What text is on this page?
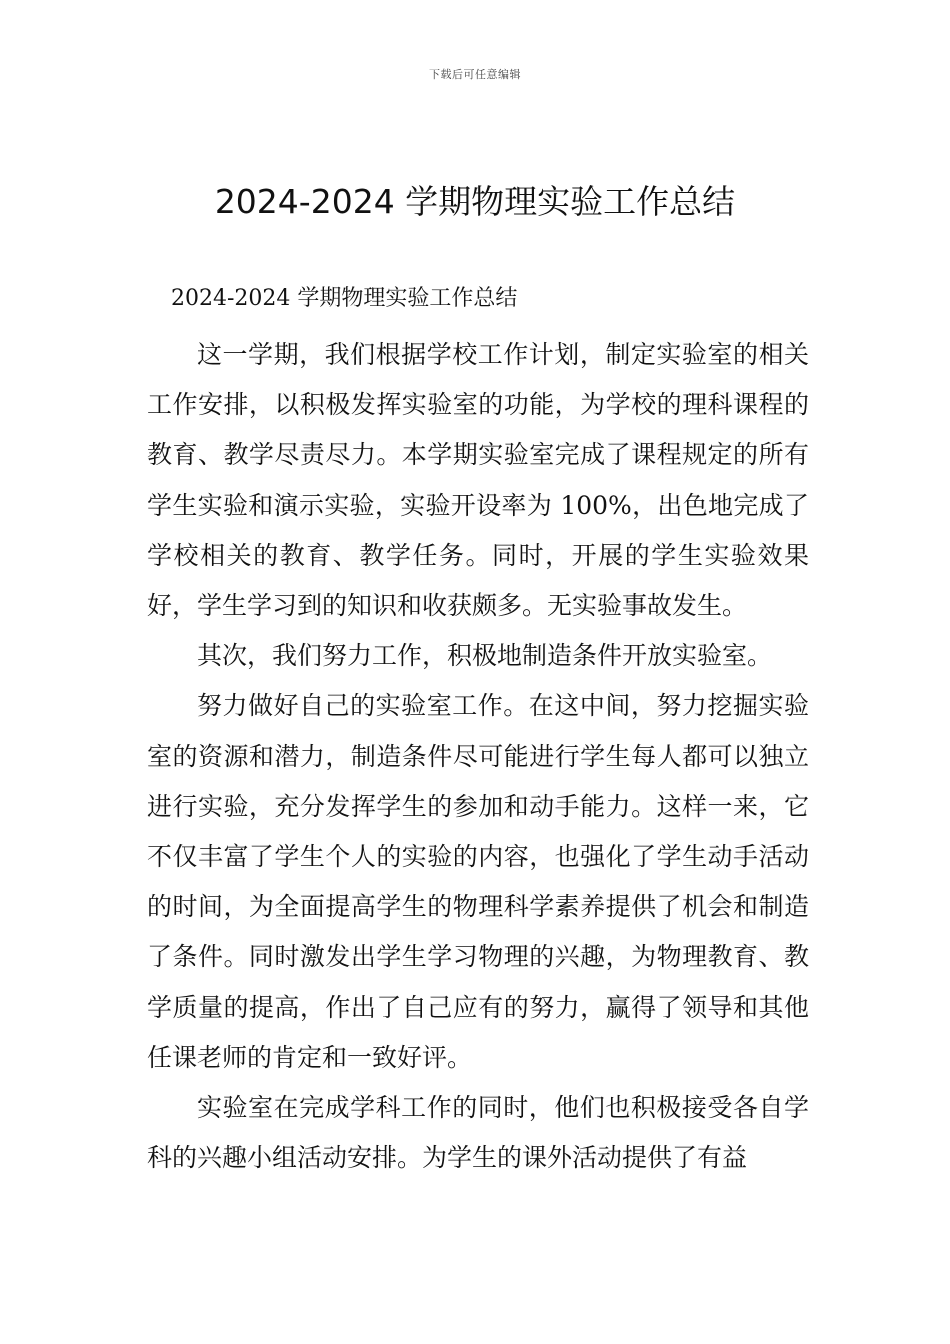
下载后可任意编辑
2024-2024 学期物理实验工作总结

2024-2024 学期物理实验工作总结

这一学期，我们根据学校工作计划，制定实验室的相关工作安排，以积极发挥实验室的功能，为学校的理科课程的教育、教学尽责尽力。本学期实验室完成了课程规定的所有学生实验和演示实验，实验开设率为 100%，出色地完成了学校相关的教育、教学任务。同时，开展的学生实验效果好，学生学习到的知识和收获颇多。无实验事故发生。

其次，我们努力工作，积极地制造条件开放实验室。

努力做好自己的实验室工作。在这中间，努力挖掘实验室的资源和潜力，制造条件尽可能进行学生每人都可以独立进行实验，充分发挥学生的参加和动手能力。这样一来，它不仅丰富了学生个人的实验的内容，也强化了学生动手活动的时间，为全面提高学生的物理科学素养提供了机会和制造了条件。同时激发出学生学习物理的兴趣，为物理教育、教学质量的提高，作出了自己应有的努力，赢得了领导和其他任课老师的肯定和一致好评。

实验室在完成学科工作的同时，他们也积极接受各自学科的兴趣小组活动安排。为学生的课外活动提供了有益
